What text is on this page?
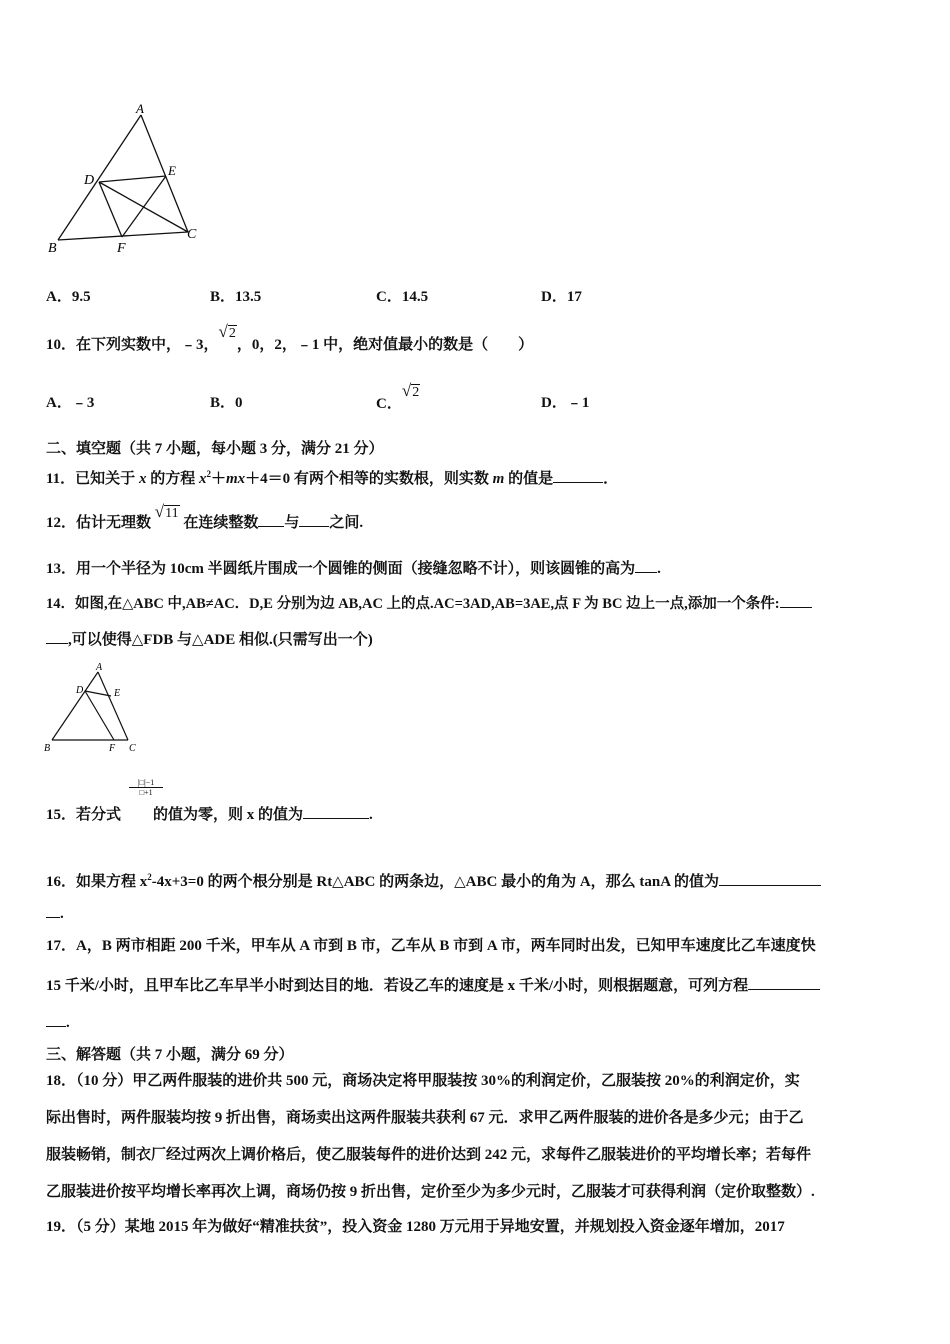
A
D
E
B	F
C
A．9.5	B．13.5	C．14.5	D．17
10．在下列实数中，﹣3，√2，0，2，﹣1 中，绝对值最小的数是（　　）
A．﹣3	B．0	C．√2
D．﹣1
二、填空题（共 7 小题，每小题 3 分，满分 21 分）
11．已知关于 x 的方程 $x^2+mx+4=0$ 有两个相等的实数根，则实数 m 的值是	．
12．估计无理数 √11 在连续整数 与 之间.
13．用一个半径为 10cm 半圆纸片围成一个圆锥的侧面（接缝忽略不计），则该圆锥的高为 .
14．如图,在△ABC 中,AB≠AC．D,E 分别为边 AB,AC 上的点.AC=3AD,AB=3AE,点 F 为 BC 边上一点,添加一个条件:
,可以使得△FDB 与△ADE 相似.(只需写出一个)
A
D	E
B	F C
$\frac{|□|-1}{□+1}$
15．若分式 的值为零，则 x 的值为	.
16．如果方程 $x^2-4x+3=0$ 的两个根分别是 Rt△ABC 的两条边，△ABC 最小的角为 A，那么 tanA 的值为
.
17．A，B 两市相距 200 千米，甲车从 A 市到 B 市，乙车从 B 市到 A 市，两车同时出发，已知甲车速度比乙车速度快
15 千米/小时，且甲车比乙车早半小时到达目的地．若设乙车的速度是 x 千米/小时，则根据题意，可列方程
.
三、解答题（共 7 小题，满分 69 分）
18．（10 分）甲乙两件服装的进价共 500 元，商场决定将甲服装按 30%的利润定价，乙服装按 20%的利润定价，实
际出售时，两件服装均按 9 折出售，商场卖出这两件服装共获利 67 元．求甲乙两件服装的进价各是多少元；由于乙
服装畅销，制衣厂经过两次上调价格后，使乙服装每件的进价达到 242 元，求每件乙服装进价的平均增长率；若每件
乙服装进价按平均增长率再次上调，商场仍按 9 折出售，定价至少为多少元时，乙服装才可获得利润（定价取整数）.
19．（5 分）某地 2015 年为做好“精准扶贫”，投入资金 1280 万元用于异地安置，并规划投入资金逐年增加，2017
